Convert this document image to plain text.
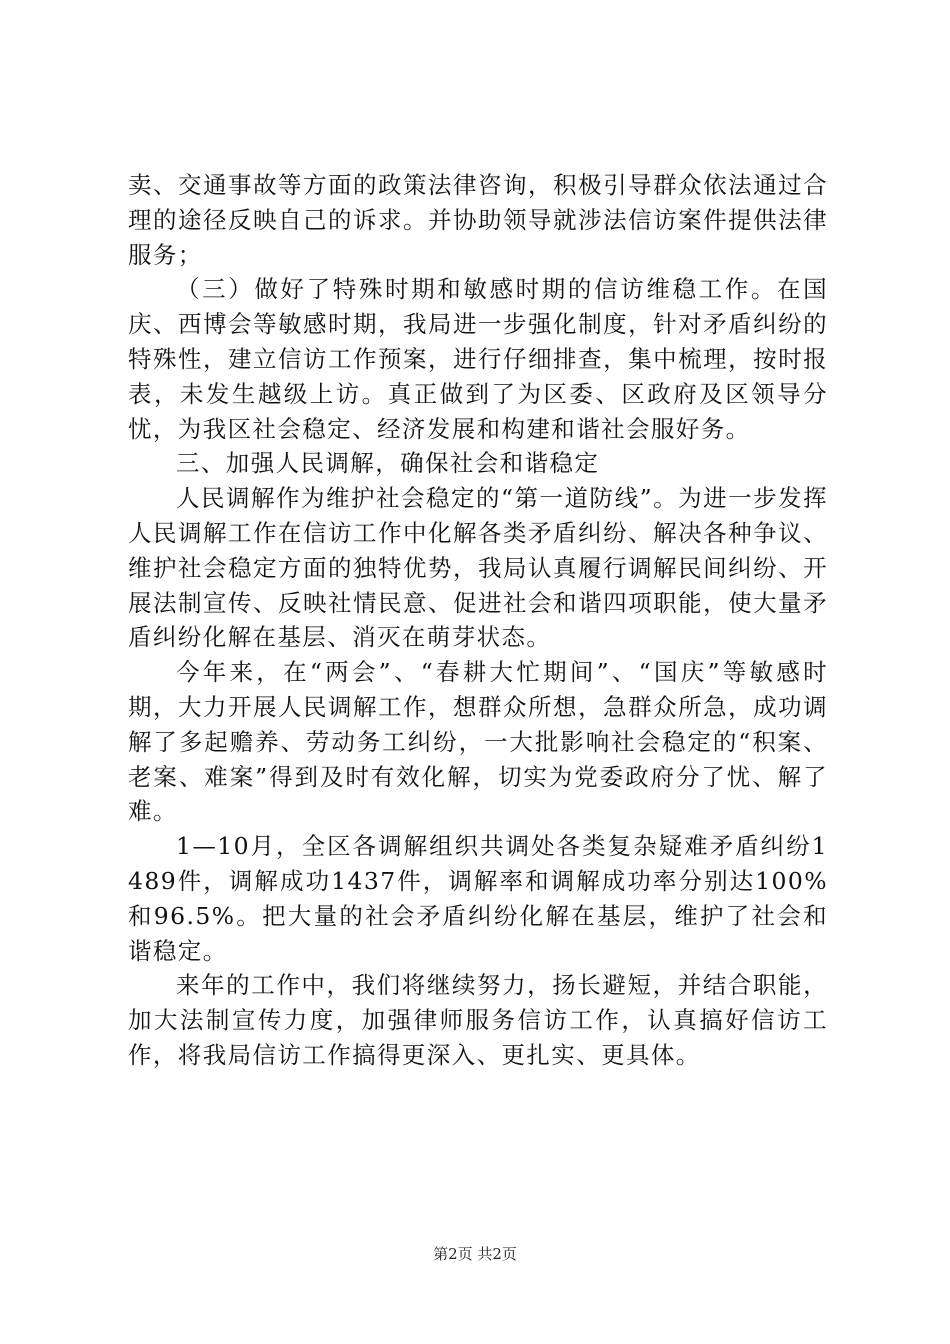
卖、交通事故等方面的政策法律咨询，积极引导群众依法通过合理的途径反映自己的诉求。并协助领导就涉法信访案件提供法律服务；

（三）做好了特殊时期和敏感时期的信访维稳工作。在国庆、西博会等敏感时期，我局进一步强化制度，针对矛盾纠纷的特殊性，建立信访工作预案，进行仔细排查，集中梳理，按时报表，未发生越级上访。真正做到了为区委、区政府及区领导分忧，为我区社会稳定、经济发展和构建和谐社会服好务。

三、加强人民调解，确保社会和谐稳定

人民调解作为维护社会稳定的“第一道防线”。为进一步发挥人民调解工作在信访工作中化解各类矛盾纠纷、解决各种争议、维护社会稳定方面的独特优势，我局认真履行调解民间纠纷、开展法制宣传、反映社情民意、促进社会和谐四项职能，使大量矛盾纠纷化解在基层、消灭在萌芽状态。

今年来，在“两会”、“春耕大忙期间”、“国庆”等敏感时期，大力开展人民调解工作，想群众所想，急群众所急，成功调解了多起赡养、劳动务工纠纷，一大批影响社会稳定的“积案、老案、难案”得到及时有效化解，切实为党委政府分了忧、解了难。

1—10月，全区各调解组织共调处各类复杂疑难矛盾纠纷1489件，调解成功1437件，调解率和调解成功率分别达100%和96.5%。把大量的社会矛盾纠纷化解在基层，维护了社会和谐稳定。

来年的工作中，我们将继续努力，扬长避短，并结合职能，加大法制宣传力度，加强律师服务信访工作，认真搞好信访工作，将我局信访工作搞得更深入、更扎实、更具体。

第2页 共2页
